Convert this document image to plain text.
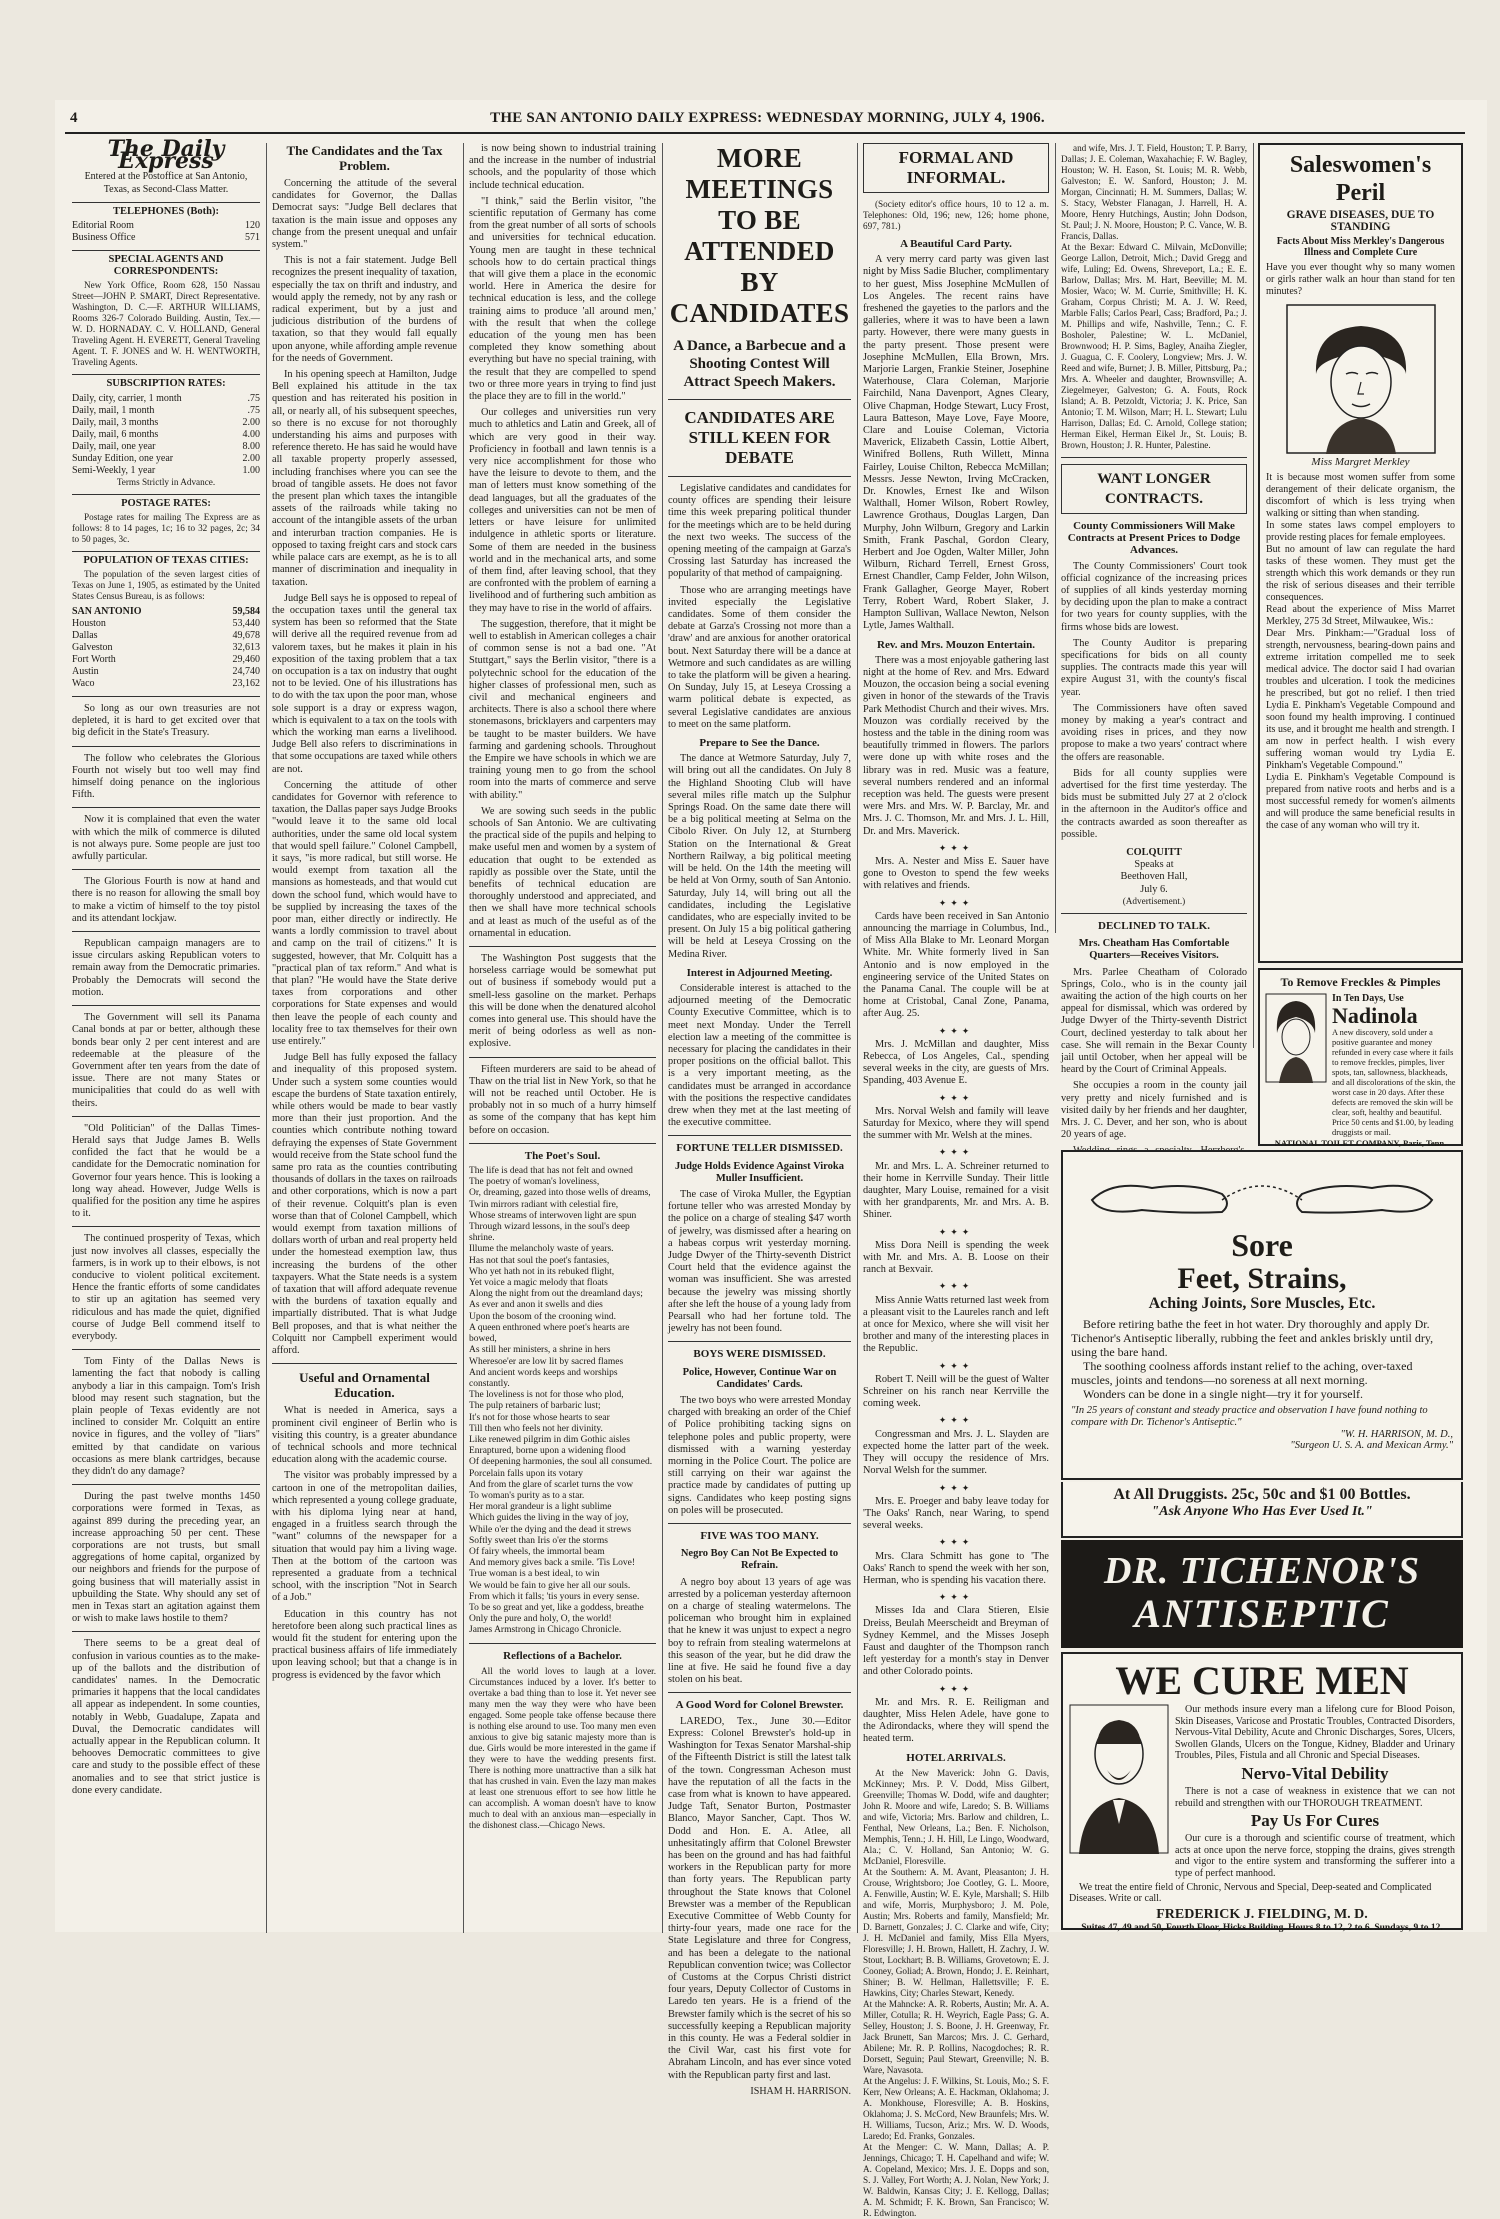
4	THE SAN ANTONIO DAILY EXPRESS: WEDNESDAY MORNING, JULY 4, 1906.
The Daily Express
Entered at the Postoffice at San Antonio, Texas, as Second-Class Matter.
TELEPHONES (Both):
Editorial Room	120
Business Office	571
SPECIAL AGENTS AND CORRESPONDENTS:

New York Office, Room 628, 150 Nassau Street—JOHN P. SMART, Direct Representative. Washington, D. C.—F. ARTHUR WILLIAMS, Rooms 326-7 Colorado Building. Austin, Tex.—W. D. HORNADAY. C. V. HOLLAND, General Traveling Agent. H. EVERETT, General Traveling Agent. T. F. JONES and W. H. WENTWORTH, Traveling Agents.

SUBSCRIPTION RATES:
Daily, city, carrier, 1 month	.75
Daily, mail, 1 month	.75
Daily, mail, 3 months	2.00
Daily, mail, 6 months	4.00
Daily, mail, one year	8.00
Sunday Edition, one year	2.00
Semi-Weekly, 1 year	1.00
Terms Strictly in Advance.
POSTAGE RATES:

Postage rates for mailing The Express are as follows: 8 to 14 pages, 1c; 16 to 32 pages, 2c; 34 to 50 pages, 3c.

POPULATION OF TEXAS CITIES:

The population of the seven largest cities of Texas on June 1, 1905, as estimated by the United States Census Bureau, is as follows:

SAN ANTONIO	59,584
Houston	53,440
Dallas	49,678
Galveston	32,613
Fort Worth	29,460
Austin	24,740
Waco	23,162

So long as our own treasuries are not depleted, it is hard to get excited over that big deficit in the State's Treasury.

The follow who celebrates the Glorious Fourth not wisely but too well may find himself doing penance on the inglorious Fifth.

Now it is complained that even the water with which the milk of commerce is diluted is not always pure. Some people are just too awfully particular.

The Glorious Fourth is now at hand and there is no reason for allowing the small boy to make a victim of himself to the toy pistol and its attendant lockjaw.

Republican campaign managers are to issue circulars asking Republican voters to remain away from the Democratic primaries. Probably the Democrats will second the motion.

The Government will sell its Panama Canal bonds at par or better, although these bonds bear only 2 per cent interest and are redeemable at the pleasure of the Government after ten years from the date of issue. There are not many States or municipalities that could do as well with theirs.

"Old Politician" of the Dallas Times-Herald says that Judge James B. Wells confided the fact that he would be a candidate for the Democratic nomination for Governor four years hence. This is looking a long way ahead. However, Judge Wells is qualified for the position any time he aspires to it.

The continued prosperity of Texas, which just now involves all classes, especially the farmers, is in work up to their elbows, is not conducive to violent political excitement. Hence the frantic efforts of some candidates to stir up an agitation has seemed very ridiculous and has made the quiet, dignified course of Judge Bell commend itself to everybody.

Tom Finty of the Dallas News is lamenting the fact that nobody is calling anybody a liar in this campaign. Tom's Irish blood may resent such stagnation, but the plain people of Texas evidently are not inclined to consider Mr. Colquitt an entire novice in figures, and the volley of "liars" emitted by that candidate on various occasions as mere blank cartridges, because they didn't do any damage?

During the past twelve months 1450 corporations were formed in Texas, as against 899 during the preceding year, an increase approaching 50 per cent. These corporations are not trusts, but small aggregations of home capital, organized by our neighbors and friends for the purpose of going business that will materially assist in upbuilding the State. Why should any set of men in Texas start an agitation against them or wish to make laws hostile to them?

There seems to be a great deal of confusion in various counties as to the make-up of the ballots and the distribution of candidates' names. In the Democratic primaries it happens that the local candidates all appear as independent. In some counties, notably in Webb, Guadalupe, Zapata and Duval, the Democratic candidates will actually appear in the Republican column. It behooves Democratic committees to give care and study to the possible effect of these anomalies and to see that strict justice is done every candidate.

The Candidates and the Tax Problem.

Concerning the attitude of the several candidates for Governor, the Dallas Democrat says: "Judge Bell declares that taxation is the main issue and opposes any change from the present unequal and unfair system."

This is not a fair statement. Judge Bell recognizes the present inequality of taxation, especially the tax on thrift and industry, and would apply the remedy, not by any rash or radical experiment, but by a just and judicious distribution of the burdens of taxation, so that they would fall equally upon anyone, while affording ample revenue for the needs of Government.

In his opening speech at Hamilton, Judge Bell explained his attitude in the tax question and has reiterated his position in all, or nearly all, of his subsequent speeches, so there is no excuse for not thoroughly understanding his aims and purposes with reference thereto. He has said he would have all taxable property properly assessed, including franchises where you can see the broad of tangible assets. He does not favor the present plan which taxes the intangible assets of the railroads while taking no account of the intangible assets of the urban and interurban traction companies. He is opposed to taxing freight cars and stock cars while palace cars are exempt, as he is to all manner of discrimination and inequality in taxation.

Judge Bell says he is opposed to repeal of the occupation taxes until the general tax system has been so reformed that the State will derive all the required revenue from ad valorem taxes, but he makes it plain in his exposition of the taxing problem that a tax on occupation is a tax on industry that ought not to be levied. One of his illustrations has to do with the tax upon the poor man, whose sole support is a dray or express wagon, which is equivalent to a tax on the tools with which the working man earns a livelihood. Judge Bell also refers to discriminations in that some occupations are taxed while others are not.

Concerning the attitude of other candidates for Governor with reference to taxation, the Dallas paper says Judge Brooks "would leave it to the same old local authorities, under the same old local system that would spell failure." Colonel Campbell, it says, "is more radical, but still worse. He would exempt from taxation all the mansions as homesteads, and that would cut down the school fund, which would have to be supplied by increasing the taxes of the poor man, either directly or indirectly. He wants a lordly commission to travel about and camp on the trail of citizens." It is suggested, however, that Mr. Colquitt has a "practical plan of tax reform." And what is that plan? "He would have the State derive taxes from corporations and other corporations for State expenses and would then leave the people of each county and locality free to tax themselves for their own use entirely."

Judge Bell has fully exposed the fallacy and inequality of this proposed system. Under such a system some counties would escape the burdens of State taxation entirely, while others would be made to bear vastly more than their just proportion. And the counties which contribute nothing toward defraying the expenses of State Government would receive from the State school fund the same pro rata as the counties contributing thousands of dollars in the taxes on railroads and other corporations, which is now a part of their revenue. Colquitt's plan is even worse than that of Colonel Campbell, which would exempt from taxation millions of dollars worth of urban and real property held under the homestead exemption law, thus increasing the burdens of the other taxpayers. What the State needs is a system of taxation that will afford adequate revenue with the burdens of taxation equally and impartially distributed. That is what Judge Bell proposes, and that is what neither the Colquitt nor Campbell experiment would afford.

Useful and Ornamental Education.

What is needed in America, says a prominent civil engineer of Berlin who is visiting this country, is a greater abundance of technical schools and more technical education along with the academic course.

The visitor was probably impressed by a cartoon in one of the metropolitan dailies, which represented a young college graduate, with his diploma lying near at hand, engaged in a fruitless search through the "want" columns of the newspaper for a situation that would pay him a living wage. Then at the bottom of the cartoon was represented a graduate from a technical school, with the inscription "Not in Search of a Job."

Education in this country has not heretofore been along such practical lines as would fit the student for entering upon the practical business affairs of life immediately upon leaving school; but that a change is in progress is evidenced by the favor which

is now being shown to industrial training and the increase in the number of industrial schools, and the popularity of those which include technical education.

"I think," said the Berlin visitor, "the scientific reputation of Germany has come from the great number of all sorts of schools and universities for technical education. Young men are taught in these technical schools how to do certain practical things that will give them a place in the economic world. Here in America the desire for technical education is less, and the college training aims to produce 'all around men,' with the result that when the college education of the young men has been completed they know something about everything but have no special training, with the result that they are compelled to spend two or three more years in trying to find just the place they are to fill in the world."

Our colleges and universities run very much to athletics and Latin and Greek, all of which are very good in their way. Proficiency in football and lawn tennis is a very nice accomplishment for those who have the leisure to devote to them, and the man of letters must know something of the dead languages, but all the graduates of the colleges and universities can not be men of letters or have leisure for unlimited indulgence in athletic sports or literature. Some of them are needed in the business world and in the mechanical arts, and some of them find, after leaving school, that they are confronted with the problem of earning a livelihood and of furthering such ambition as they may have to rise in the world of affairs.

The suggestion, therefore, that it might be well to establish in American colleges a chair of common sense is not a bad one. "At Stuttgart," says the Berlin visitor, "there is a polytechnic school for the education of the higher classes of professional men, such as civil and mechanical engineers and architects. There is also a school there where stonemasons, bricklayers and carpenters may be taught to be master builders. We have farming and gardening schools. Throughout the Empire we have schools in which we are training young men to go from the school room into the marts of commerce and serve with ability."

We are sowing such seeds in the public schools of San Antonio. We are cultivating the practical side of the pupils and helping to make useful men and women by a system of education that ought to be extended as rapidly as possible over the State, until the benefits of technical education are thoroughly understood and appreciated, and then we shall have more technical schools and at least as much of the useful as of the ornamental in education.

The Washington Post suggests that the horseless carriage would be somewhat put out of business if somebody would put a smell-less gasoline on the market. Perhaps this will be done when the denatured alcohol comes into general use. This should have the merit of being odorless as well as non-explosive.

Fifteen murderers are said to be ahead of Thaw on the trial list in New York, so that he will not be reached until October. He is probably not in so much of a hurry himself as some of the company that has kept him before on occasion.

The Poet's Soul.
The life is dead that has not felt and owned
The poetry of woman's loveliness,
Or, dreaming, gazed into those wells of dreams,
Twin mirrors radiant with celestial fire,
Whose streams of interwoven light are spun
Through wizard lessons, in the soul's deep shrine.
Illume the melancholy waste of years.
Has not that soul the poet's fantasies,
Who yet hath not in its rebuked flight,
Yet voice a magic melody that floats
Along the night from out the dreamland days;
As ever and anon it swells and dies
Upon the bosom of the crooning wind.
A queen enthroned where poet's hearts are bowed,
As still her ministers, a shrine in hers
Wheresoe'er are low lit by sacred flames
And ancient words keeps and worships constantly.
The loveliness is not for those who plod,
The pulp retainers of barbaric lust;
It's not for those whose hearts to sear
Till then who feels not her divinity.
Like renewed pilgrim in dim Gothic aisles
Enraptured, borne upon a widening flood
Of deepening harmonies, the soul all consumed.
Porcelain falls upon its votary
And from the glare of scarlet turns the vow
To woman's purity as to a star.
Her moral grandeur is a light sublime
Which guides the living in the way of joy,
While o'er the dying and the dead it strews
Softly sweet than Iris o'er the storms
Of fairy wheels, the immortal beam
And memory gives back a smile. 'Tis Love!
True woman is a best ideal, to win
We would be fain to give her all our souls.
From which it falls; 'tis yours in every sense.
To be so great and yet, like a goddess, breathe
Only the pure and holy, O, the world!
James Armstrong in Chicago Chronicle.
Reflections of a Bachelor.

All the world loves to laugh at a lover. Circumstances induced by a lover. It's better to overtake a bad thing than to lose it. Yet never see many men the way they were who have been engaged. Some people take offense because there is nothing else around to use. Too many men even anxious to give big satanic majesty more than is due. Girls would be more interested in the game if they were to have the wedding presents first. There is nothing more unattractive than a silk hat that has crushed in vain. Even the lazy man makes at least one strenuous effort to see how little he can accomplish. A woman doesn't have to know much to deal with an anxious man—especially in the dishonest class.—Chicago News.

MORE MEETINGS TO BE ATTENDED BY CANDIDATES
A Dance, a Barbecue and a Shooting Contest Will Attract Speech Makers.
CANDIDATES ARE STILL KEEN FOR DEBATE

Legislative candidates and candidates for county offices are spending their leisure time this week preparing political thunder for the meetings which are to be held during the next two weeks. The success of the opening meeting of the campaign at Garza's Crossing last Saturday has increased the popularity of that method of campaigning.

Those who are arranging meetings have invited especially the Legislative candidates. Some of them consider the debate at Garza's Crossing not more than a 'draw' and are anxious for another oratorical bout. Next Saturday there will be a dance at Wetmore and such candidates as are willing to take the platform will be given a hearing. On Sunday, July 15, at Leseya Crossing a warm political debate is expected, as several Legislative candidates are anxious to meet on the same platform.

Prepare to See the Dance.

The dance at Wetmore Saturday, July 7, will bring out all the candidates. On July 8 the Highland Shooting Club will have several miles rifle match up the Sulphur Springs Road. On the same date there will be a big political meeting at Selma on the Cibolo River. On July 12, at Sturnberg Station on the International & Great Northern Railway, a big political meeting will be held. On the 14th the meeting will be held at Von Ormy, south of San Antonio. Saturday, July 14, will bring out all the candidates, including the Legislative candidates, who are especially invited to be present. On July 15 a big political gathering will be held at Leseya Crossing on the Medina River.

Interest in Adjourned Meeting.

Considerable interest is attached to the adjourned meeting of the Democratic County Executive Committee, which is to meet next Monday. Under the Terrell election law a meeting of the committee is necessary for placing the candidates in their proper positions on the official ballot. This is a very important meeting, as the candidates must be arranged in accordance with the positions the respective candidates drew when they met at the last meeting of the executive committee.

FORTUNE TELLER DISMISSED.
Judge Holds Evidence Against Viroka Muller Insufficient.

The case of Viroka Muller, the Egyptian fortune teller who was arrested Monday by the police on a charge of stealing $47 worth of jewelry, was dismissed after a hearing on a habeas corpus writ yesterday morning. Judge Dwyer of the Thirty-seventh District Court held that the evidence against the woman was insufficient. She was arrested because the jewelry was missing shortly after she left the house of a young lady from Pearsall who had her fortune told. The jewelry has not been found.

BOYS WERE DISMISSED.
Police, However, Continue War on Candidates' Cards.

The two boys who were arrested Monday charged with breaking an order of the Chief of Police prohibiting tacking signs on telephone poles and public property, were dismissed with a warning yesterday morning in the Police Court. The police are still carrying on their war against the practice made by candidates of putting up signs. Candidates who keep posting signs on poles will be prosecuted.

FIVE WAS TOO MANY.
Negro Boy Can Not Be Expected to Refrain.

A negro boy about 13 years of age was arrested by a policeman yesterday afternoon on a charge of stealing watermelons. The policeman who brought him in explained that he knew it was unjust to expect a negro boy to refrain from stealing watermelons at this season of the year, but he did draw the line at five. He said he found five a day stolen on his beat.

A Good Word for Colonel Brewster.

LAREDO, Tex., June 30.—Editor Express: Colonel Brewster's hold-up in Washington for Texas Senator Marshal-ship of the Fifteenth District is still the latest talk of the town. Congressman Acheson must have the reputation of all the facts in the case from what is known to have appeared. Judge Taft, Senator Burton, Postmaster Blanco, Mayor Sancher, Capt. Thos W. Dodd and Hon. E. A. Atlee, all unhesitatingly affirm that Colonel Brewster has been on the ground and has had faithful workers in the Republican party for more than forty years. The Republican party throughout the State knows that Colonel Brewster was a member of the Republican Executive Committee of Webb County for thirty-four years, made one race for the State Legislature and three for Congress, and has been a delegate to the national Republican convention twice; was Collector of Customs at the Corpus Christi district four years, Deputy Collector of Customs in Laredo ten years. He is a friend of the Brewster family which is the secret of his so successfully keeping a Republican majority in this county. He was a Federal soldier in the Civil War, cast his first vote for Abraham Lincoln, and has ever since voted with the Republican party first and last.

ISHAM H. HARRISON.
FORMAL AND INFORMAL.

(Society editor's office hours, 10 to 12 a. m. Telephones: Old, 196; new, 126; home phone, 697, 781.)

A Beautiful Card Party.

A very merry card party was given last night by Miss Sadie Blucher, complimentary to her guest, Miss Josephine McMullen of Los Angeles. The recent rains have freshened the gayeties to the parlors and the galleries, where it was to have been a lawn party. However, there were many guests in the party present. Those present were Josephine McMullen, Ella Brown, Mrs. Marjorie Largen, Frankie Steiner, Josephine Waterhouse, Clara Coleman, Marjorie Fairchild, Nana Davenport, Agnes Cleary, Olive Chapman, Hodge Stewart, Lucy Frost, Laura Batteson, Maye Love, Faye Moore, Clare and Louise Coleman, Victoria Maverick, Elizabeth Cassin, Lottie Albert, Winifred Bollens, Ruth Willett, Minna Fairley, Louise Chilton, Rebecca McMillan; Messrs. Jesse Newton, Irving McCracken, Dr. Knowles, Ernest Ike and Wilson Walthall, Homer Wilson, Robert Rowley, Lawrence Grothaus, Douglas Largen, Dan Murphy, John Wilburn, Gregory and Larkin Smith, Frank Paschal, Gordon Cleary, Herbert and Joe Ogden, Walter Miller, John Wilburn, Richard Terrell, Ernest Gross, Ernest Chandler, Camp Felder, John Wilson, Frank Gallagher, George Mayer, Robert Terry, Robert Ward, Robert Slaker, J. Hampton Sullivan, Wallace Newton, Nelson Lytle, James Walthall.

Rev. and Mrs. Mouzon Entertain.

There was a most enjoyable gathering last night at the home of Rev. and Mrs. Edward Mouzon, the occasion being a social evening given in honor of the stewards of the Travis Park Methodist Church and their wives. Mrs. Mouzon was cordially received by the hostess and the table in the dining room was beautifully trimmed in flowers. The parlors were done up with white roses and the library was in red. Music was a feature, several numbers rendered and an informal reception was held. The guests were present were Mrs. and Mrs. W. P. Barclay, Mr. and Mrs. J. C. Thomson, Mr. and Mrs. J. L. Hill, Dr. and Mrs. Maverick.

✦✦✦

Mrs. A. Nester and Miss E. Sauer have gone to Oveston to spend the few weeks with relatives and friends.

✦✦✦

Cards have been received in San Antonio announcing the marriage in Columbus, Ind., of Miss Alla Blake to Mr. Leonard Morgan White. Mr. White formerly lived in San Antonio and is now employed in the engineering service of the United States on the Panama Canal. The couple will be at home at Cristobal, Canal Zone, Panama, after Aug. 25.

✦✦✦

Mrs. J. McMillan and daughter, Miss Rebecca, of Los Angeles, Cal., spending several weeks in the city, are guests of Mrs. Spanding, 403 Avenue E.

✦✦✦

Mrs. Norval Welsh and family will leave Saturday for Mexico, where they will spend the summer with Mr. Welsh at the mines.

✦✦✦

Mr. and Mrs. L. A. Schreiner returned to their home in Kerrville Sunday. Their little daughter, Mary Louise, remained for a visit with her grandparents, Mr. and Mrs. A. B. Shiner.

✦✦✦

Miss Dora Neill is spending the week with Mr. and Mrs. A. B. Loose on their ranch at Bexvair.

✦✦✦

Miss Annie Watts returned last week from a pleasant visit to the Laureles ranch and left at once for Mexico, where she will visit her brother and many of the interesting places in the Republic.

✦✦✦

Robert T. Neill will be the guest of Walter Schreiner on his ranch near Kerrville the coming week.

✦✦✦

Congressman and Mrs. J. L. Slayden are expected home the latter part of the week. They will occupy the residence of Mrs. Norval Welsh for the summer.

✦✦✦

Mrs. E. Proeger and baby leave today for 'The Oaks' Ranch, near Waring, to spend several weeks.

✦✦✦

Mrs. Clara Schmitt has gone to 'The Oaks' Ranch to spend the week with her son, Herman, who is spending his vacation there.

✦✦✦

Misses Ida and Clara Stieren, Elsie Dreiss, Beulah Meerscheidt and Breyman of Sydney Kemmel, and the Misses Joseph Faust and daughter of the Thompson ranch left yesterday for a month's stay in Denver and other Colorado points.

✦✦✦

Mr. and Mrs. R. E. Reiligman and daughter, Miss Helen Adele, have gone to the Adirondacks, where they will spend the heated term.

HOTEL ARRIVALS.

At the New Maverick: John G. Davis, McKinney; Mrs. P. V. Dodd, Miss Gilbert, Greenville; Thomas W. Dodd, wife and daughter; John R. Moore and wife, Laredo; S. B. Williams and wife, Victoria; Mrs. Barlow and children, L. Fenthal, New Orleans, La.; Ben. F. Nicholson, Memphis, Tenn.; J. H. Hill, Le Lingo, Woodward, Ala.; C. V. Holland, San Antonio; W. G. McDaniel, Floresville.
At the Southern: A. M. Avant, Pleasanton; J. H. Crouse, Wrightsboro; Joe Cootley, G. L. Moore, A. Fenwille, Austin; W. E. Kyle, Marshall; S. Hilb and wife, Morris, Murphysboro; J. M. Pole, Austin; Mrs. Roberts and family, Mansfield; Mr. D. Barnett, Gonzales; J. C. Clarke and wife, City; J. H. McDaniel and family, Miss Ella Myers, Floresville; J. H. Brown, Hallett, H. Zachry, J. W. Stout, Lockhart; B. B. Williams, Grovetown; E. J. Cooney, Goliad; A. Brown, Hondo; J. E. Reinhart, Shiner; B. W. Hellman, Hallettsville; F. E. Hawkins, City; Charles Stewart, Kenedy.
At the Mahncke: A. R. Roberts, Austin; Mr. A. A. Miller, Cotulla; R. H. Weyrich, Eagle Pass; G. A. Selley, Houston; J. S. Boone, J. H. Greenway, Fr. Jack Brunett, San Marcos; Mrs. J. C. Gerhard, Abilene; Mr. R. P. Rollins, Nacogdoches; R. R. Dorsett, Seguin; Paul Stewart, Greenville; N. B. Ware, Navasota.
At the Angelus: J. F. Wilkins, St. Louis, Mo.; S. F. Kerr, New Orleans; A. E. Hackman, Oklahoma; J. A. Monkhouse, Floresville; A. B. Hoskins, Oklahoma; J. S. McCord, New Braunfels; Mrs. W. H. Williams, Tucson, Ariz.; Mrs. W. D. Woods, Laredo; Ed. Franks, Gonzales.
At the Menger: C. W. Mann, Dallas; A. P. Jennings, Chicago; T. H. Capelhand and wife; W. A. Copeland, Mexico; Mrs. J. E. Dopps and son, S. J. Valley, Fort Worth; A. J. Nolan, New York; J. W. Baldwin, Kansas City; J. E. Kellogg, Dallas; A. M. Schmidt; F. K. Brown, San Francisco; W. R. Edwington.

and wife, Mrs. J. T. Field, Houston; T. P. Barry, Dallas; J. E. Coleman, Waxahachie; F. W. Bagley, Houston; W. H. Eason, St. Louis; M. R. Webb, Galveston; E. W. Sanford, Houston; J. M. Morgan, Cincinnati; H. M. Summers, Dallas; W. S. Stacy, Webster Flanagan, J. Harrell, H. A. Moore, Henry Hutchings, Austin; John Dodson, St. Paul; J. N. Moore, Houston; P. C. Vance, W. B. Francis, Dallas.
At the Bexar: Edward C. Milvain, McDonville; George Lallon, Detroit, Mich.; David Gregg and wife, Luling; Ed. Owens, Shreveport, La.; E. E. Barlow, Dallas; Mrs. M. Hart, Beeville; M. M. Mosier, Waco; W. M. Currie, Smithville; H. K. Graham, Corpus Christi; M. A. J. W. Reed, Marble Falls; Carlos Pearl, Cass; Bradford, Pa.; J. M. Phillips and wife, Nashville, Tenn.; C. F. Bosholer, Palestine; W. L. McDaniel, Brownwood; H. P. Sims, Bagley, Anaiha Ziegler, J. Guagua, C. F. Coolery, Longview; Mrs. J. W. Reed and wife, Burnet; J. B. Miller, Pittsburg, Pa.; Mrs. A. Wheeler and daughter, Brownsville; A. Ziegelmeyer, Galveston; G. A. Fouts, Rock Island; A. B. Petzoldt, Victoria; J. K. Price, San Antonio; T. M. Wilson, Marr; H. L. Stewart; Lulu Harrison, Dallas; Ed. C. Arnold, College station; Herman Eikel, Herman Eikel Jr., St. Louis; B. Brown, Houston; J. R. Hunter, Palestine.

WANT LONGER CONTRACTS.
County Commissioners Will Make Contracts at Present Prices to Dodge Advances.

The County Commissioners' Court took official cognizance of the increasing prices of supplies of all kinds yesterday morning by deciding upon the plan to make a contract for two years for county supplies, with the firms whose bids are lowest.

The County Auditor is preparing specifications for bids on all county supplies. The contracts made this year will expire August 31, with the county's fiscal year.

The Commissioners have often saved money by making a year's contract and avoiding rises in prices, and they now propose to make a two years' contract where the offers are reasonable.

Bids for all county supplies were advertised for the first time yesterday. The bids must be submitted July 27 at 2 o'clock in the afternoon in the Auditor's office and the contracts awarded as soon thereafter as possible.

COLQUITT
Speaks at
Beethoven Hall,
July 6.
(Advertisement.)
DECLINED TO TALK.
Mrs. Cheatham Has Comfortable Quarters—Receives Visitors.

Mrs. Parlee Cheatham of Colorado Springs, Colo., who is in the county jail awaiting the action of the high courts on her appeal for dismissal, which was ordered by Judge Dwyer of the Thirty-seventh District Court, declined yesterday to talk about her case. She will remain in the Bexar County jail until October, when her appeal will be heard by the Court of Criminal Appeals.

She occupies a room in the county jail very pretty and nicely furnished and is visited daily by her friends and her daughter, Mrs. J. C. Dever, and her son, who is about 20 years of age.

Saleswomen's Peril
GRAVE DISEASES, DUE TO STANDING
Facts About Miss Merkley's Dangerous Illness and Complete Cure

Have you ever thought why so many women or girls rather walk an hour than stand for ten minutes?

Miss Margret Merkley

It is because most women suffer from some derangement of their delicate organism, the discomfort of which is less trying when walking or sitting than when standing.

In some states laws compel employers to provide resting places for female employees.

But no amount of law can regulate the hard tasks of these women. They must get the strength which this work demands or they run the risk of serious diseases and their terrible consequences.

Read about the experience of Miss Marret Merkley, 275 3d Street, Milwaukee, Wis.:

Dear Mrs. Pinkham:—"Gradual loss of strength, nervousness, bearing-down pains and extreme irritation compelled me to seek medical advice. The doctor said I had ovarian troubles and ulceration. I took the medicines he prescribed, but got no relief. I then tried Lydia E. Pinkham's Vegetable Compound and soon found my health improving. I continued its use, and it brought me health and strength. I am now in perfect health. I wish every suffering woman would try Lydia E. Pinkham's Vegetable Compound."

Lydia E. Pinkham's Vegetable Compound is prepared from native roots and herbs and is a most successful remedy for women's ailments and will produce the same beneficial results in the case of any woman who will try it.

To Remove Freckles & Pimples
In Ten Days, Use
Nadinola

A new discovery, sold under a positive guarantee and money refunded in every case where it fails to remove freckles, pimples, liver spots, tan, sallowness, blackheads, and all discolorations of the skin, the worst case in 20 days. After these defects are removed the skin will be clear, soft, healthy and beautiful. Price 50 cents and $1.00, by leading druggists or mail.

NATIONAL TOILET COMPANY, Paris, Tenn.
Sore
Feet, Strains,
Aching Joints, Sore Muscles, Etc.

Before retiring bathe the feet in hot water. Dry thoroughly and apply Dr. Tichenor's Antiseptic liberally, rubbing the feet and ankles briskly until dry, using the bare hand.

The soothing coolness affords instant relief to the aching, over-taxed muscles, joints and tendons—no soreness at all next morning.

Wonders can be done in a single night—try it for yourself.

"In 25 years of constant and steady practice and observation I have found nothing to compare with Dr. Tichenor's Antiseptic."

"W. H. HARRISON, M. D.,
"Surgeon U. S. A. and Mexican Army."
At All Druggists. 25c, 50c and $1 00 Bottles.
"Ask Anyone Who Has Ever Used It."
DR. TICHENOR'S
ANTISEPTIC
WE CURE MEN

Our methods insure every man a lifelong cure for Blood Poison, Skin Diseases, Varicose and Prostatic Troubles, Contracted Disorders, Nervous-Vital Debility, Acute and Chronic Discharges, Sores, Ulcers, Swollen Glands, Ulcers on the Tongue, Kidney, Bladder and Urinary Troubles, Piles, Fistula and all Chronic and Special Diseases.

Nervo-Vital Debility

There is not a case of weakness in existence that we can not rebuild and strengthen with our THOROUGH TREATMENT.

Pay Us For Cures

Our cure is a thorough and scientific course of treatment, which acts at once upon the nerve force, stopping the drains, gives strength and vigor to the entire system and transforming the sufferer into a type of perfect manhood.

We treat the entire field of Chronic, Nervous and Special, Deep-seated and Complicated Diseases. Write or call.

FREDERICK J. FIELDING, M. D.
Suites 47, 49 and 50, Fourth Floor, Hicks Building. Hours 8 to 12, 2 to 6. Sundays, 9 to 12.
